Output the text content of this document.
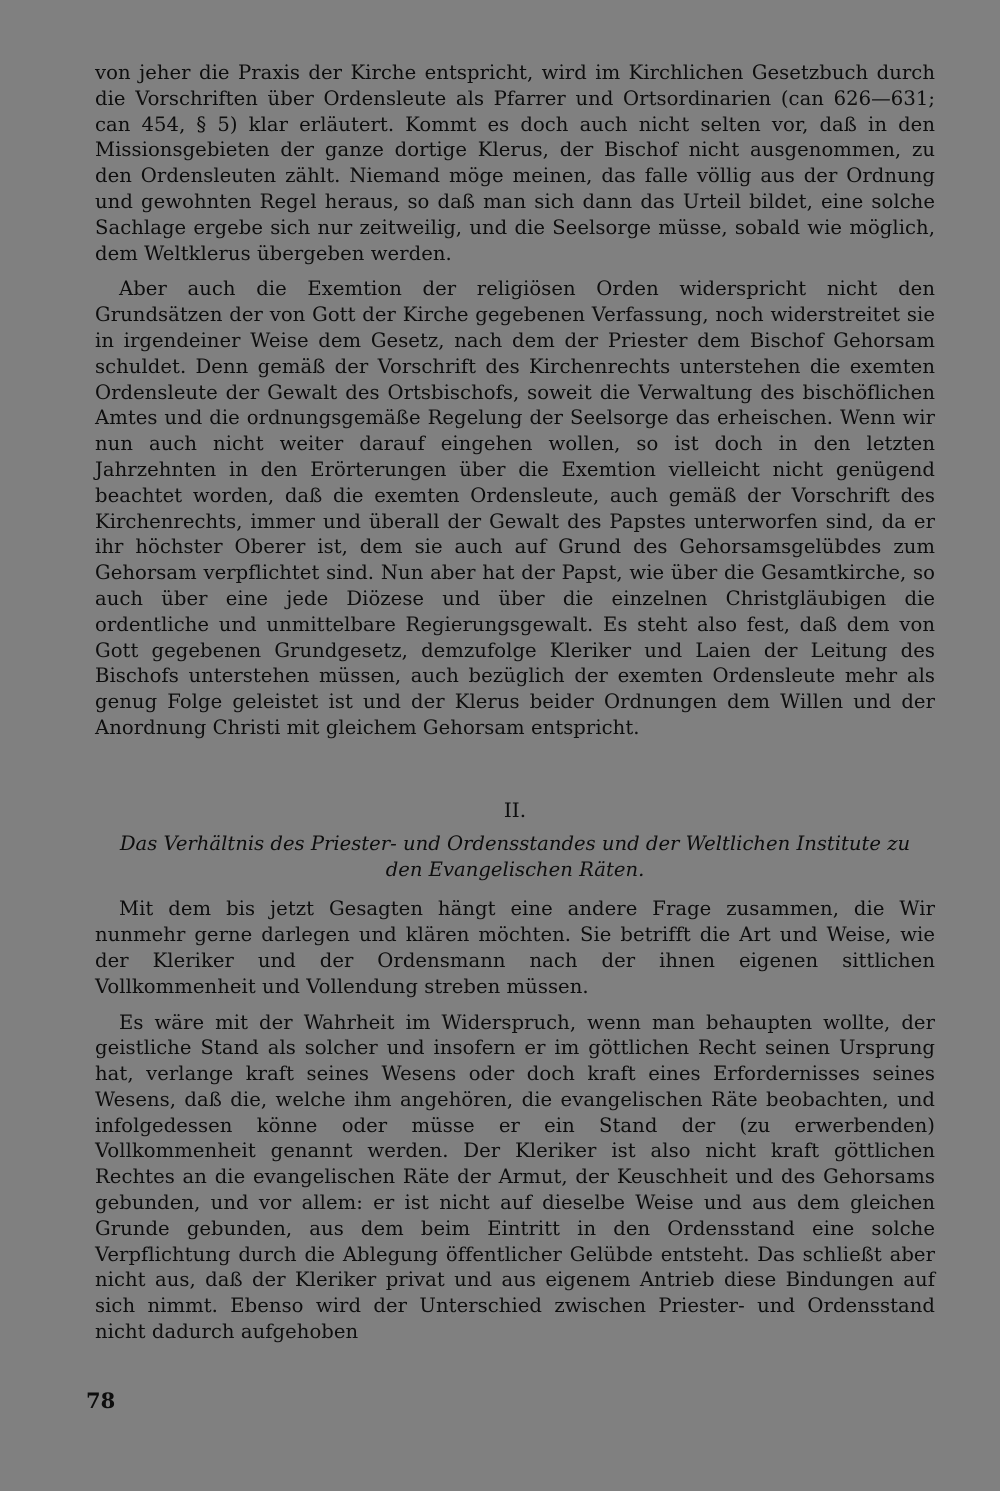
von jeher die Praxis der Kirche entspricht, wird im Kirchlichen Gesetzbuch durch die Vorschriften über Ordensleute als Pfarrer und Ortsordinarien (can 626—631; can 454, § 5) klar erläutert. Kommt es doch auch nicht selten vor, daß in den Missionsgebieten der ganze dortige Klerus, der Bischof nicht ausgenommen, zu den Ordensleuten zählt. Niemand möge meinen, das falle völlig aus der Ordnung und gewohnten Regel heraus, so daß man sich dann das Urteil bildet, eine solche Sachlage ergebe sich nur zeitweilig, und die Seelsorge müsse, sobald wie möglich, dem Weltklerus übergeben werden.

Aber auch die Exemtion der religiösen Orden widerspricht nicht den Grundsätzen der von Gott der Kirche gegebenen Verfassung, noch widerstreitet sie in irgendeiner Weise dem Gesetz, nach dem der Priester dem Bischof Gehorsam schuldet. Denn gemäß der Vorschrift des Kirchenrechts unterstehen die exemten Ordensleute der Gewalt des Ortsbischofs, soweit die Verwaltung des bischöflichen Amtes und die ordnungsgemäße Regelung der Seelsorge das erheischen. Wenn wir nun auch nicht weiter darauf eingehen wollen, so ist doch in den letzten Jahrzehnten in den Erörterungen über die Exemtion vielleicht nicht genügend beachtet worden, daß die exemten Ordensleute, auch gemäß der Vorschrift des Kirchenrechts, immer und überall der Gewalt des Papstes unterworfen sind, da er ihr höchster Oberer ist, dem sie auch auf Grund des Gehorsamsgelübdes zum Gehorsam verpflichtet sind. Nun aber hat der Papst, wie über die Gesamtkirche, so auch über eine jede Diözese und über die einzelnen Christgläubigen die ordentliche und unmittelbare Regierungsgewalt. Es steht also fest, daß dem von Gott gegebenen Grundgesetz, demzufolge Kleriker und Laien der Leitung des Bischofs unterstehen müssen, auch bezüglich der exemten Ordensleute mehr als genug Folge geleistet ist und der Klerus beider Ordnungen dem Willen und der Anordnung Christi mit gleichem Gehorsam entspricht.

II.
Das Verhältnis des Priester- und Ordensstandes und der Weltlichen Institute zu den Evangelischen Räten.

Mit dem bis jetzt Gesagten hängt eine andere Frage zusammen, die Wir nunmehr gerne darlegen und klären möchten. Sie betrifft die Art und Weise, wie der Kleriker und der Ordensmann nach der ihnen eigenen sittlichen Vollkommenheit und Vollendung streben müssen.

Es wäre mit der Wahrheit im Widerspruch, wenn man behaupten wollte, der geistliche Stand als solcher und insofern er im göttlichen Recht seinen Ursprung hat, verlange kraft seines Wesens oder doch kraft eines Erfordernisses seines Wesens, daß die, welche ihm angehören, die evangelischen Räte beobachten, und infolgedessen könne oder müsse er ein Stand der (zu erwerbenden) Vollkommenheit genannt werden. Der Kleriker ist also nicht kraft göttlichen Rechtes an die evangelischen Räte der Armut, der Keuschheit und des Gehorsams gebunden, und vor allem: er ist nicht auf dieselbe Weise und aus dem gleichen Grunde gebunden, aus dem beim Eintritt in den Ordensstand eine solche Verpflichtung durch die Ablegung öffentlicher Gelübde entsteht. Das schließt aber nicht aus, daß der Kleriker privat und aus eigenem Antrieb diese Bindungen auf sich nimmt. Ebenso wird der Unterschied zwischen Priester- und Ordensstand nicht dadurch aufgehoben

78
